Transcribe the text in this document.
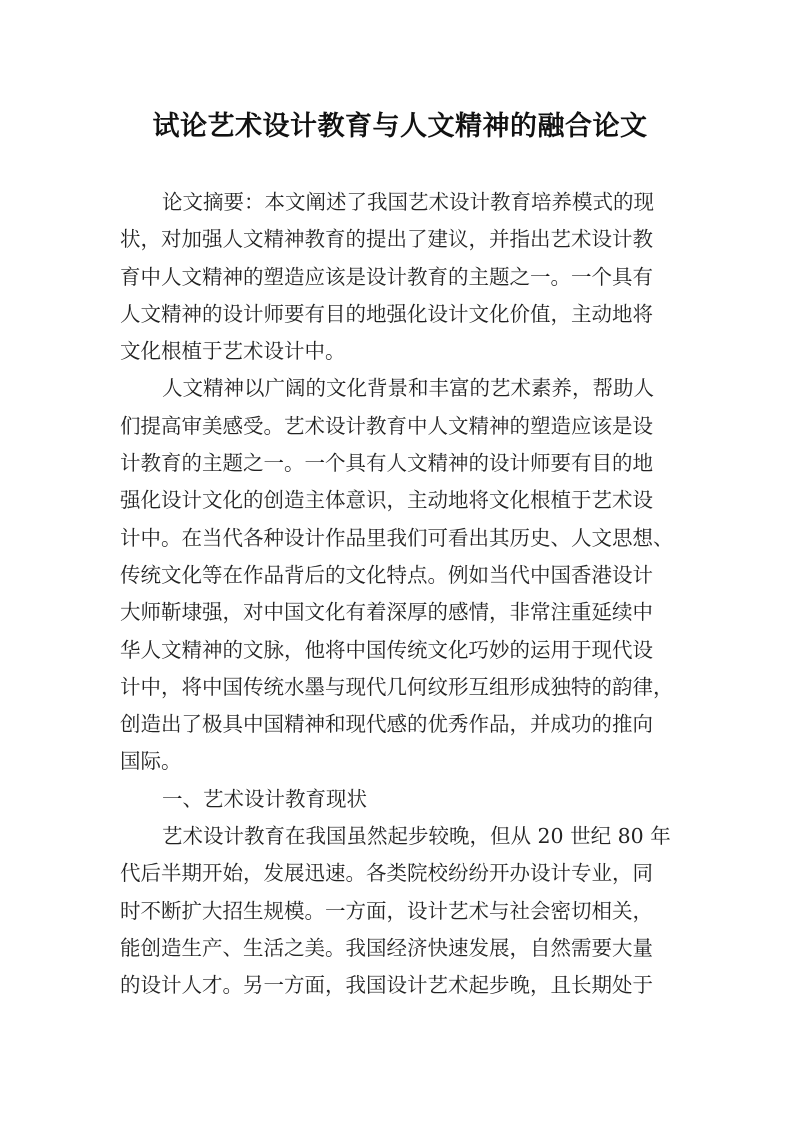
试论艺术设计教育与人文精神的融合论文
论文摘要：本文阐述了我国艺术设计教育培养模式的现
状，对加强人文精神教育的提出了建议，并指出艺术设计教
育中人文精神的塑造应该是设计教育的主题之一。一个具有
人文精神的设计师要有目的地强化设计文化价值，主动地将
文化根植于艺术设计中。
人文精神以广阔的文化背景和丰富的艺术素养，帮助人
们提高审美感受。艺术设计教育中人文精神的塑造应该是设
计教育的主题之一。一个具有人文精神的设计师要有目的地
强化设计文化的创造主体意识，主动地将文化根植于艺术设
计中。在当代各种设计作品里我们可看出其历史、人文思想、
传统文化等在作品背后的文化特点。例如当代中国香港设计
大师靳埭强，对中国文化有着深厚的感情，非常注重延续中
华人文精神的文脉，他将中国传统文化巧妙的运用于现代设
计中，将中国传统水墨与现代几何纹形互组形成独特的韵律，
创造出了极具中国精神和现代感的优秀作品，并成功的推向
国际。
一、艺术设计教育现状
艺术设计教育在我国虽然起步较晚，但从 20 世纪 80 年
代后半期开始，发展迅速。各类院校纷纷开办设计专业，同
时不断扩大招生规模。一方面，设计艺术与社会密切相关，
能创造生产、生活之美。我国经济快速发展，自然需要大量
的设计人才。另一方面，我国设计艺术起步晚，且长期处于
